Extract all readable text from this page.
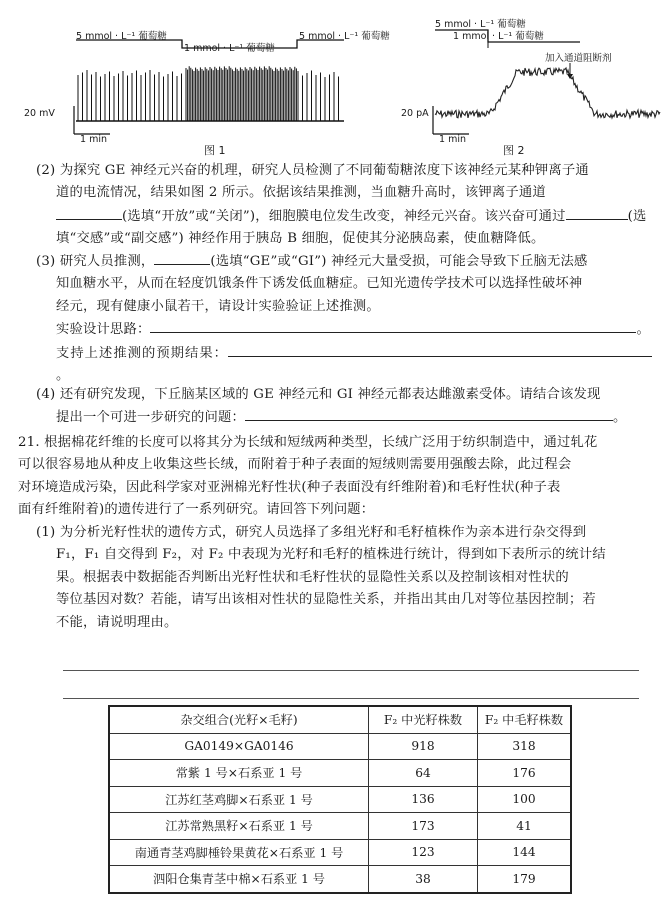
5 mmol · L⁻¹ 葡萄糖
1 mmol · L⁻¹ 葡萄糖
5 mmol · L⁻¹ 葡萄糖
20 mV
1 min
图 1
5 mmol · L⁻¹ 葡萄糖
1 mmol · L⁻¹ 葡萄糖
加入通道阻断剂
20 pA
1 min
图 2
(2) 为探究 GE 神经元兴奋的机理，研究人员检测了不同葡萄糖浓度下该神经元某种钾离子通
道的电流情况，结果如图 2 所示。依据该结果推测，当血糖升高时，该钾离子通道
(选填“开放”或“关闭”)，细胞膜电位发生改变，神经元兴奋。该兴奋可通过	(选
填“交感”或“副交感”) 神经作用于胰岛 B 细胞，促使其分泌胰岛素，使血糖降低。
(3) 研究人员推测，	(选填“GE”或“GI”) 神经元大量受损，可能会导致下丘脑无法感
知血糖水平，从而在轻度饥饿条件下诱发低血糖症。已知光遗传学技术可以选择性破坏神
经元，现有健康小鼠若干，请设计实验验证上述推测。
实验设计思路：	。
支持上述推测的预期结果：。
(4) 还有研究发现，下丘脑某区域的 GE 神经元和 GI 神经元都表达雌激素受体。请结合该发现
提出一个可进一步研究的问题：	。
21. 根据棉花纤维的长度可以将其分为长绒和短绒两种类型，长绒广泛用于纺织制造中，通过轧花
可以很容易地从种皮上收集这些长绒，而附着于种子表面的短绒则需要用强酸去除，此过程会
对环境造成污染，因此科学家对亚洲棉光籽性状(种子表面没有纤维附着)和毛籽性状(种子表
面有纤维附着)的遗传进行了一系列研究。请回答下列问题：
(1) 为分析光籽性状的遗传方式，研究人员选择了多组光籽和毛籽植株作为亲本进行杂交得到
F₁，F₁ 自交得到 F₂，对 F₂ 中表现为光籽和毛籽的植株进行统计，得到如下表所示的统计结
果。根据表中数据能否判断出光籽性状和毛籽性状的显隐性关系以及控制该相对性状的
等位基因对数？若能，请写出该相对性状的显隐性关系，并指出其由几对等位基因控制；若
不能，请说明理由。
杂交组合(光籽×毛籽)	F₂ 中光籽株数	F₂ 中毛籽株数
GA0149×GA0146	918	318
常紫 1 号×石系亚 1 号	64	176
江苏红茎鸡脚×石系亚 1 号	136	100
江苏常熟黑籽×石系亚 1 号	173	41
南通青茎鸡脚棰铃果黄花×石系亚 1 号	123	144
泗阳仓集青茎中棉×石系亚 1 号	38	179
